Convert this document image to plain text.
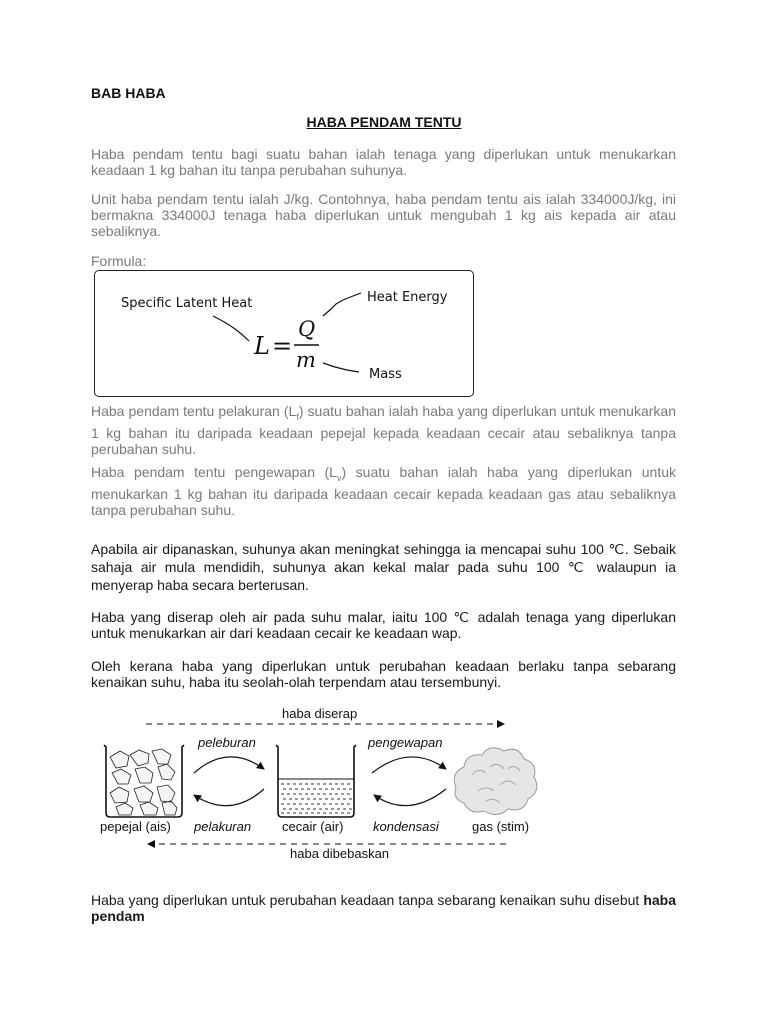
BAB HABA
HABA PENDAM TENTU
Haba pendam tentu bagi suatu bahan ialah tenaga yang diperlukan untuk menukarkan keadaan 1 kg bahan itu tanpa perubahan suhunya.
Unit haba pendam tentu ialah J/kg. Contohnya, haba pendam tentu ais ialah 334000J/kg, ini bermakna 334000J tenaga haba diperlukan untuk mengubah 1 kg ais kepada air atau sebaliknya.
Formula:
Specific Latent Heat	Heat Energy
Mass
L =
Q
m
Haba pendam tentu pelakuran $(L_f)$ suatu bahan ialah haba yang diperlukan untuk menukarkan 1 kg bahan itu daripada keadaan pepejal kepada keadaan cecair atau sebaliknya tanpa perubahan suhu.
Haba pendam tentu pengewapan $(L_v)$ suatu bahan ialah haba yang diperlukan untuk menukarkan 1 kg bahan itu daripada keadaan cecair kepada keadaan gas atau sebaliknya tanpa perubahan suhu.
Apabila air dipanaskan, suhunya akan meningkat sehingga ia mencapai suhu 100 ℃. Sebaik sahaja air mula mendidih, suhunya akan kekal malar pada suhu 100 ℃ walaupun ia menyerap haba secara berterusan.
Haba yang diserap oleh air pada suhu malar, iaitu 100 ℃ adalah tenaga yang diperlukan untuk menukarkan air dari keadaan cecair ke keadaan wap.
Oleh kerana haba yang diperlukan untuk perubahan keadaan berlaku tanpa sebarang kenaikan suhu, haba itu seolah-olah terpendam atau tersembunyi.
haba diserap
peleburan	pengewapan
pepejal (ais) pelakuran cecair (air) kondensasi	gas (stim)
haba dibebaskan
Haba yang diperlukan untuk perubahan keadaan tanpa sebarang kenaikan suhu disebut haba pendam
